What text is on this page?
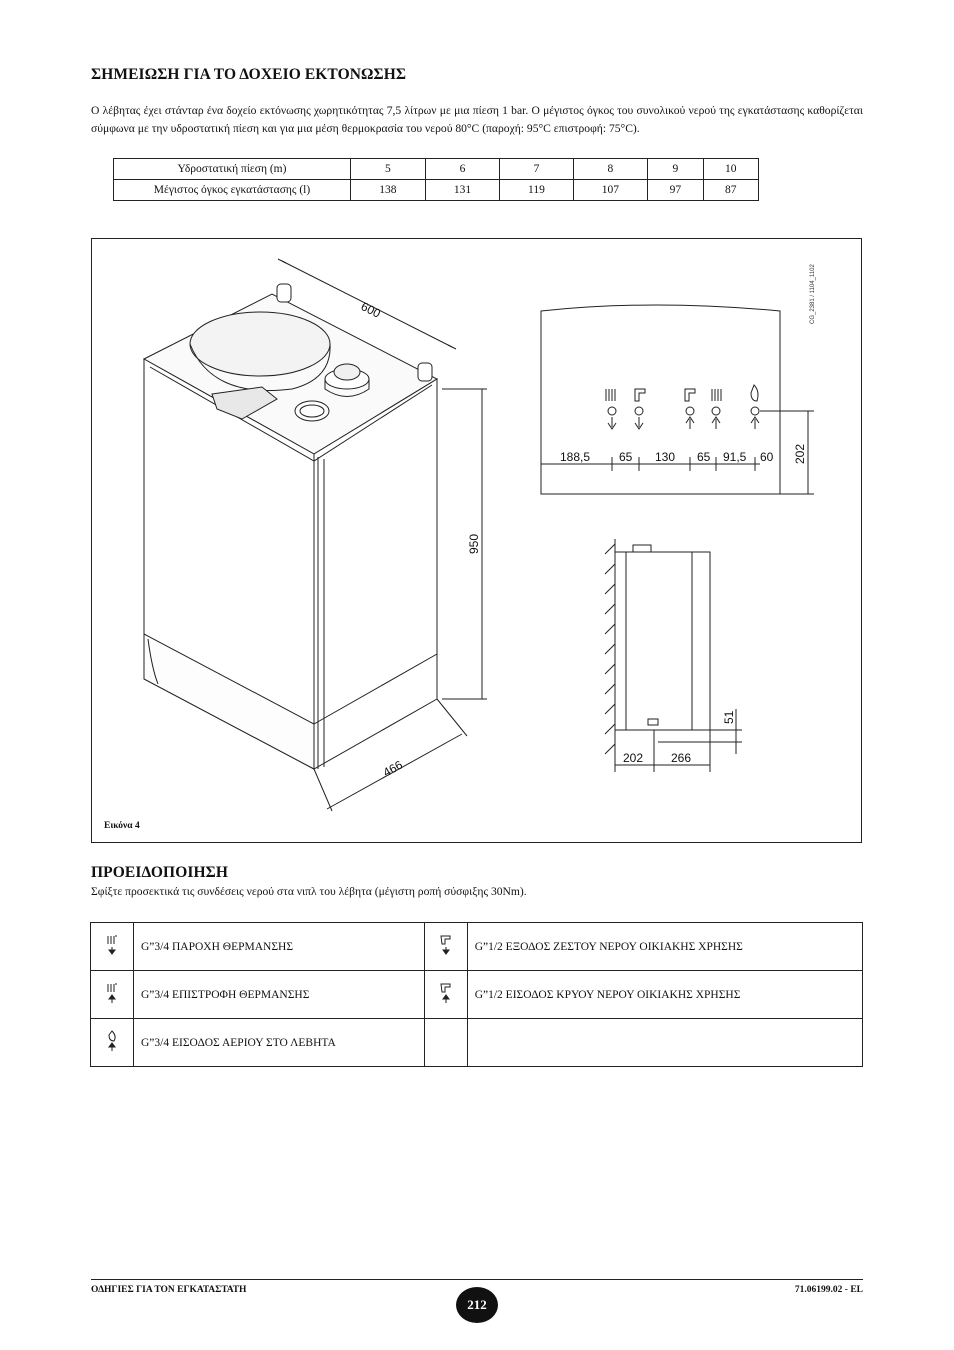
ΣΗΜΕΙΩΣΗ ΓΙΑ ΤΟ ΔΟΧΕΙΟ ΕΚΤΟΝΩΣΗΣ
Ο λέβητας έχει στάνταρ ένα δοχείο εκτόνωσης χωρητικότητας 7,5 λίτρων με μια πίεση 1 bar. Ο μέγιστος όγκος του συνολικού νερού της εγκατάστασης καθορίζεται σύμφωνα με την υδροστατική πίεση και για μια μέση θερμοκρασία του νερού 80°C (παροχή: 95°C επιστροφή: 75°C).
Υδροστατική πίεση (m)	5	6	7	8	9	10
Μέγιστος όγκος εγκατάστασης (l)	138	131	119	107	97	87
600
950
466
188,5 65 130 65 91,5 60 202
CG_2381 / 1104_1102
202 266
51
Εικόνα 4
ΠΡΟΕΙΔΟΠΟΙΗΣΗ
Σφίξτε προσεκτικά τις συνδέσεις νερού στα νιπλ του λέβητα (μέγιστη ροπή σύσφιξης 30Nm).
	G”3/4 ΠΑΡΟΧΗ ΘΕΡΜΑΝΣΗΣ		G”1/2 ΕΞΟΔΟΣ ΖΕΣΤΟΥ ΝΕΡΟΥ ΟΙΚΙΑΚΗΣ ΧΡΗΣΗΣ
	G”3/4 ΕΠΙΣΤΡΟΦΗ ΘΕΡΜΑΝΣΗΣ		G”1/2 ΕΙΣΟΔΟΣ ΚΡΥΟΥ ΝΕΡΟΥ ΟΙΚΙΑΚΗΣ ΧΡΗΣΗΣ
	G”3/4 ΕΙΣΟΔΟΣ ΑΕΡΙΟΥ ΣΤΟ ΛΕΒΗΤΑ		
ΟΔΗΓΙΕΣ ΓΙΑ ΤΟΝ ΕΓΚΑΤΑΣΤΑΤΗ
212
71.06199.02 - EL
